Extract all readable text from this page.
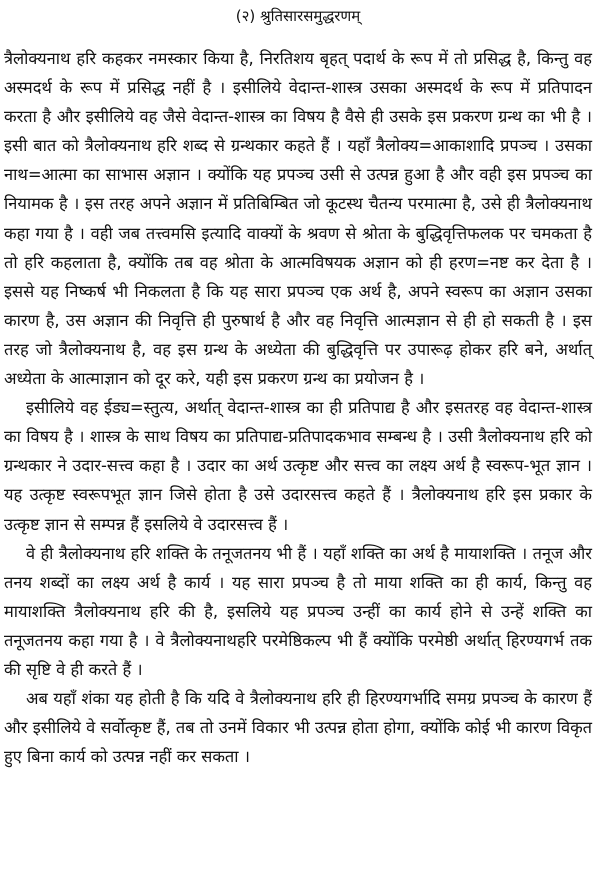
(२) श्रुतिसारसमुद्धरणम्

त्रैलोक्यनाथ हरि कहकर नमस्कार किया है, निरतिशय बृहत् पदार्थ के रूप में तो प्रसिद्ध है, किन्तु वह अस्मदर्थ के रूप में प्रसिद्ध नहीं है । इसीलिये वेदान्त-शास्त्र उसका अस्मदर्थ के रूप में प्रतिपादन करता है और इसीलिये वह जैसे वेदान्त-शास्त्र का विषय है वैसे ही उसके इस प्रकरण ग्रन्थ का भी है । इसी बात को त्रैलोक्यनाथ हरि शब्द से ग्रन्थकार कहते हैं । यहाँ त्रैलोक्य=आकाशादि प्रपञ्च । उसका नाथ=आत्मा का साभास अज्ञान । क्योंकि यह प्रपञ्च उसी से उत्पन्न हुआ है और वही इस प्रपञ्च का नियामक है । इस तरह अपने अज्ञान में प्रतिबिम्बित जो कूटस्थ चैतन्य परमात्मा है, उसे ही त्रैलोक्यनाथ कहा गया है । वही जब तत्त्वमसि इत्यादि वाक्यों के श्रवण से श्रोता के बुद्धिवृत्तिफलक पर चमकता है तो हरि कहलाता है, क्योंकि तब वह श्रोता के आत्मविषयक अज्ञान को ही हरण=नष्ट कर देता है । इससे यह निष्कर्ष भी निकलता है कि यह सारा प्रपञ्च एक अर्थ है, अपने स्वरूप का अज्ञान उसका कारण है, उस अज्ञान की निवृत्ति ही पुरुषार्थ है और वह निवृत्ति आत्मज्ञान से ही हो सकती है । इस तरह जो त्रैलोक्यनाथ है, वह इस ग्रन्थ के अध्येता की बुद्धिवृत्ति पर उपारूढ़ होकर हरि बने, अर्थात् अध्येता के आत्माज्ञान को दूर करे, यही इस प्रकरण ग्रन्थ का प्रयोजन है ।

इसीलिये वह ईड्य=स्तुत्य, अर्थात् वेदान्त-शास्त्र का ही प्रतिपाद्य है और इसतरह वह वेदान्त-शास्त्र का विषय है । शास्त्र के साथ विषय का प्रतिपाद्य-प्रतिपादकभाव सम्बन्ध है । उसी त्रैलोक्यनाथ हरि को ग्रन्थकार ने उदार-सत्त्व कहा है । उदार का अर्थ उत्कृष्ट और सत्त्व का लक्ष्य अर्थ है स्वरूप-भूत ज्ञान । यह उत्कृष्ट स्वरूपभूत ज्ञान जिसे होता है उसे उदारसत्त्व कहते हैं । त्रैलोक्यनाथ हरि इस प्रकार के उत्कृष्ट ज्ञान से सम्पन्न हैं इसलिये वे उदारसत्त्व हैं ।

वे ही त्रैलोक्यनाथ हरि शक्ति के तनूजतनय भी हैं । यहाँ शक्ति का अर्थ है मायाशक्ति । तनूज और तनय शब्दों का लक्ष्य अर्थ है कार्य । यह सारा प्रपञ्च है तो माया शक्ति का ही कार्य, किन्तु वह मायाशक्ति त्रैलोक्यनाथ हरि की है, इसलिये यह प्रपञ्च उन्हीं का कार्य होने से उन्हें शक्ति का तनूजतनय कहा गया है । वे त्रैलोक्यनाथहरि परमेष्ठिकल्प भी हैं क्योंकि परमेष्ठी अर्थात् हिरण्यगर्भ तक की सृष्टि वे ही करते हैं ।

अब यहाँ शंका यह होती है कि यदि वे त्रैलोक्यनाथ हरि ही हिरण्यगर्भादि समग्र प्रपञ्च के कारण हैं और इसीलिये वे सर्वोत्कृष्ट हैं, तब तो उनमें विकार भी उत्पन्न होता होगा, क्योंकि कोई भी कारण विकृत हुए बिना कार्य को उत्पन्न नहीं कर सकता ।
